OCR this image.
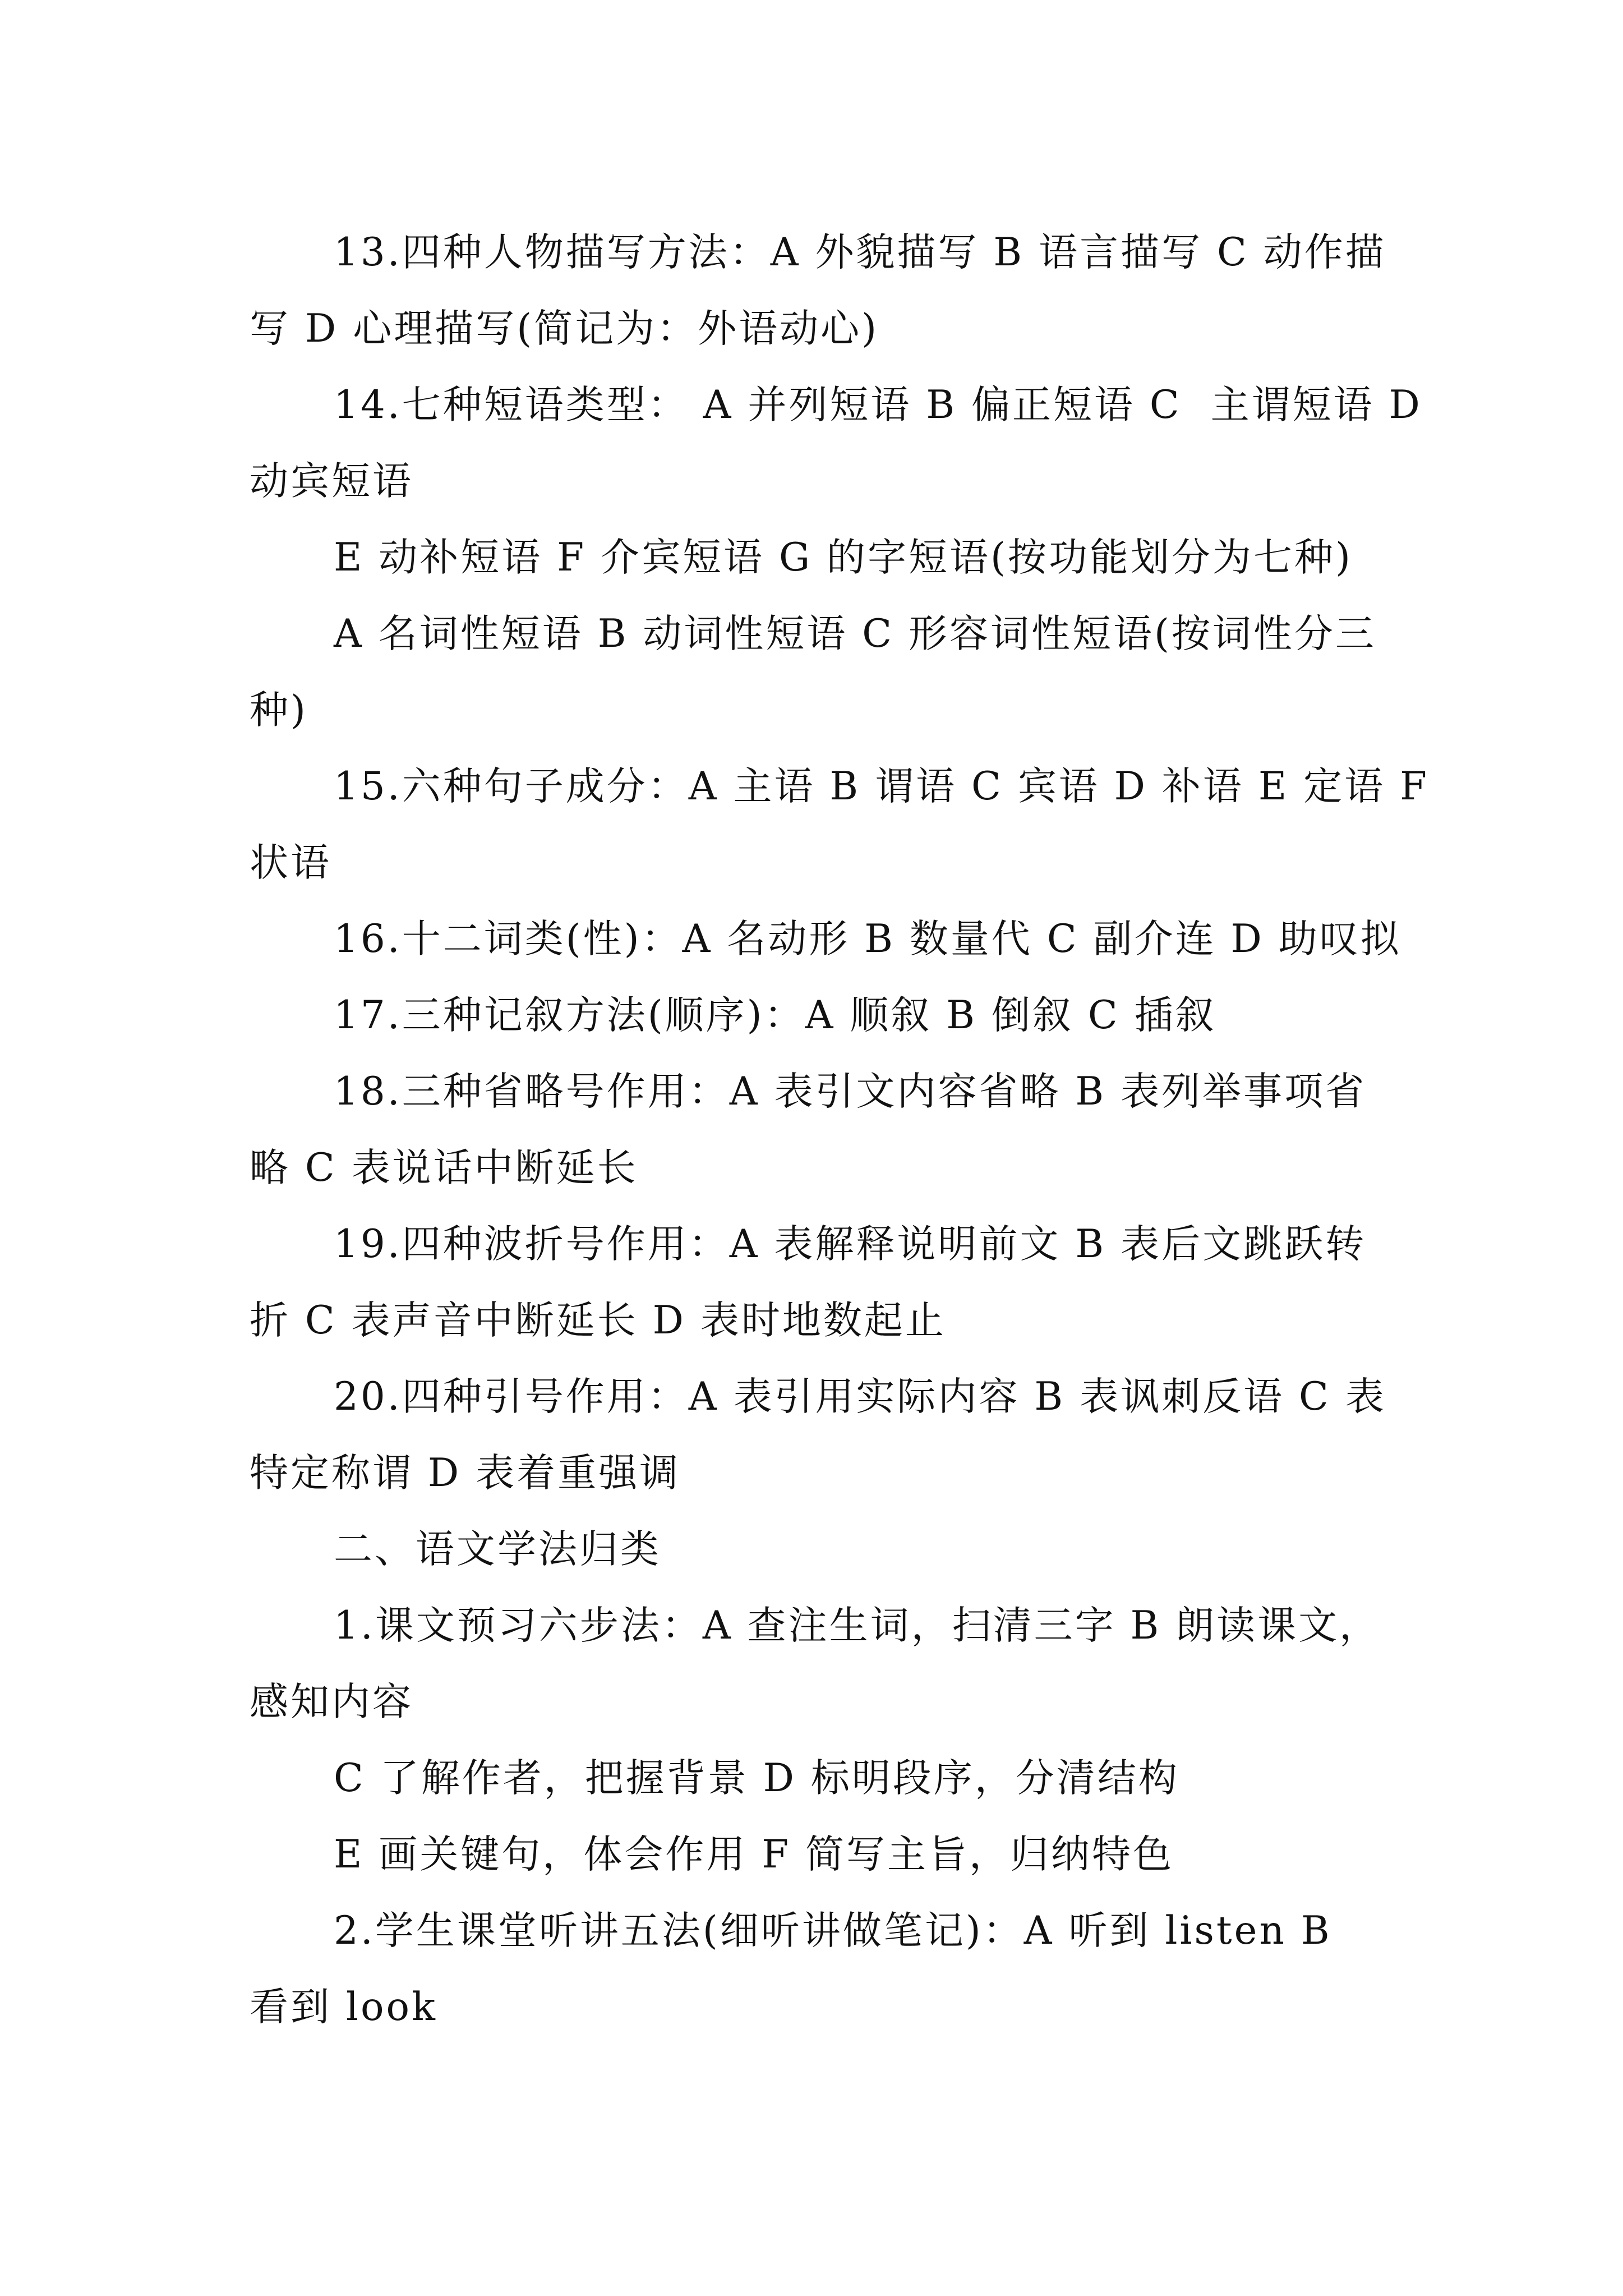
13.四种人物描写方法：A 外貌描写 B 语言描写 C 动作描
写 D 心理描写(简记为：外语动心)

14.七种短语类型： A 并列短语 B 偏正短语 C  主谓短语 D
动宾短语

E 动补短语 F 介宾短语 G 的字短语(按功能划分为七种)

A 名词性短语 B 动词性短语 C 形容词性短语(按词性分三
种)

15.六种句子成分：A 主语 B 谓语 C 宾语 D 补语 E 定语 F
状语

16.十二词类(性)：A 名动形 B 数量代 C 副介连 D 助叹拟

17.三种记叙方法(顺序)：A 顺叙 B 倒叙 C 插叙

18.三种省略号作用：A 表引文内容省略 B 表列举事项省
略 C 表说话中断延长

19.四种波折号作用：A 表解释说明前文 B 表后文跳跃转
折 C 表声音中断延长 D 表时地数起止

20.四种引号作用：A 表引用实际内容 B 表讽刺反语 C 表
特定称谓 D 表着重强调

二、语文学法归类

1.课文预习六步法：A 查注生词，扫清三字 B 朗读课文，
感知内容

C 了解作者，把握背景 D 标明段序，分清结构

E 画关键句，体会作用 F 简写主旨，归纳特色

2.学生课堂听讲五法(细听讲做笔记)：A 听到 listen B
看到 look
